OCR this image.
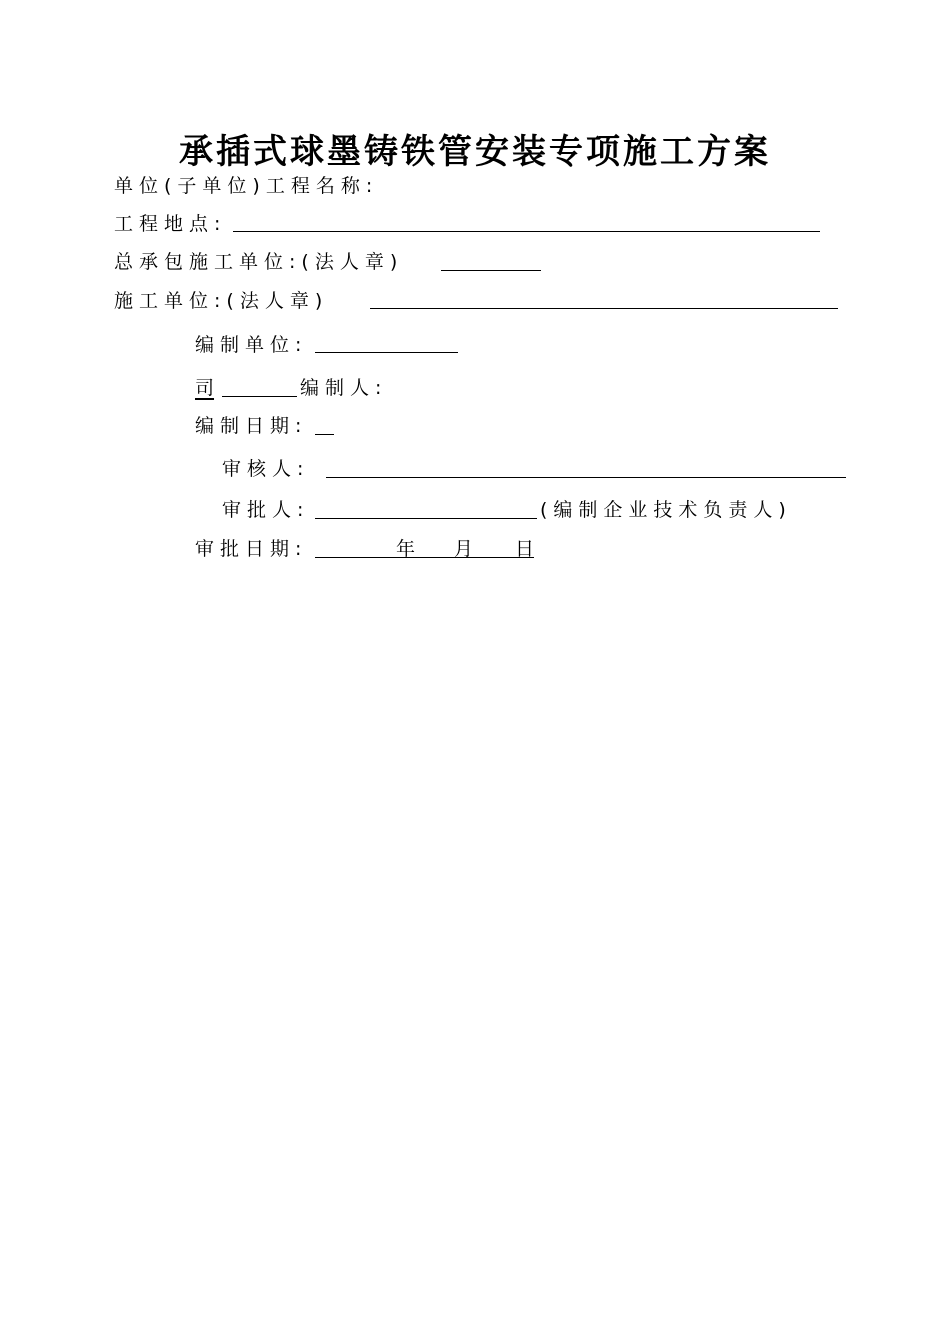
承插式球墨铸铁管安装专项施工方案
单位(子单位)工程名称:
工程地点:
总承包施工单位:(法人章)
施工单位:(法人章)
编制单位:
司	编制人:
编制日期:
审核人:
审批人:	(编制企业技术负责人)
审批日期:	年 月 日
